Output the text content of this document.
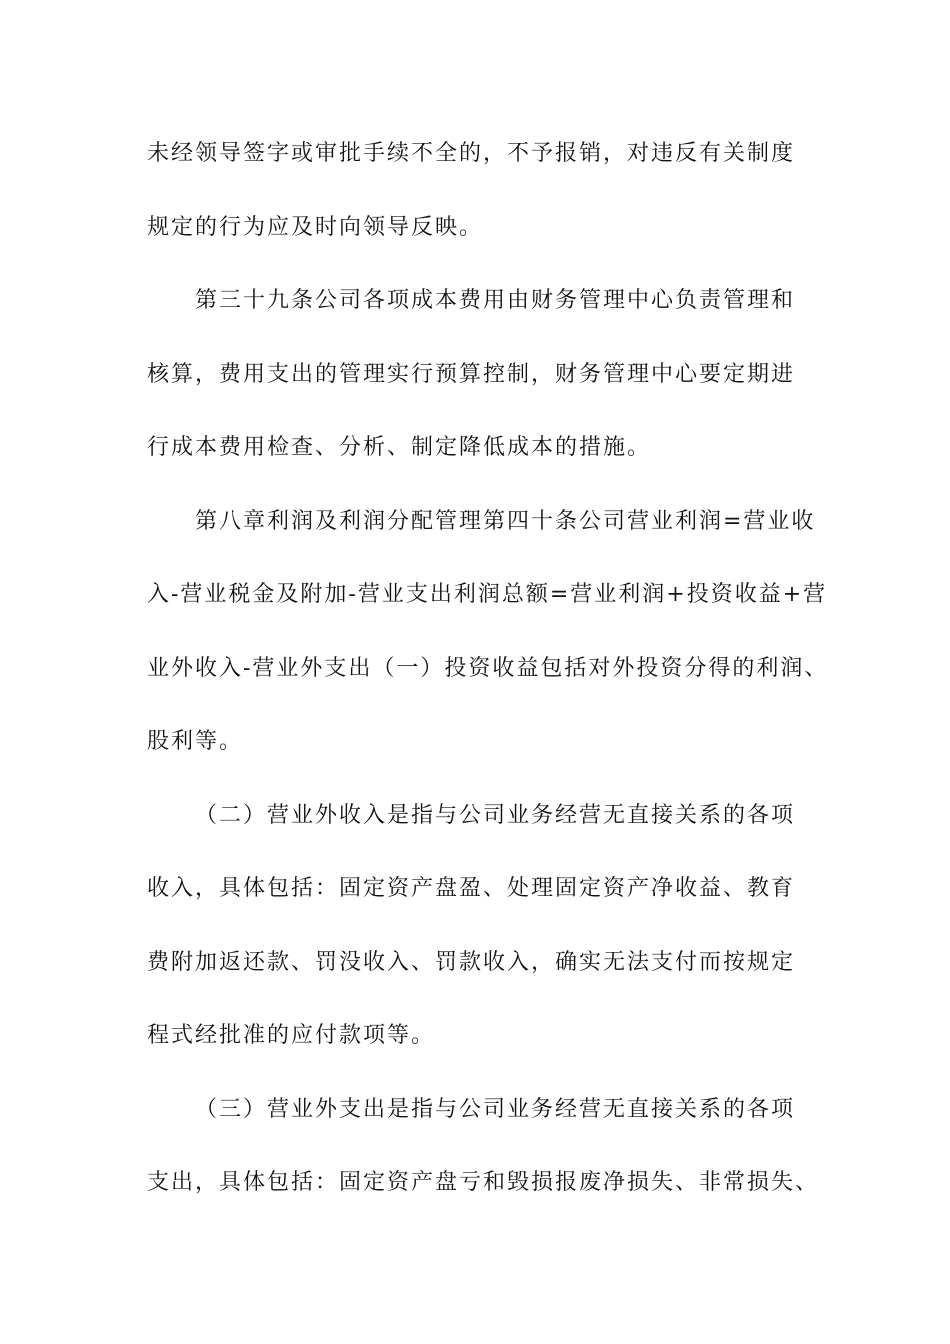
未经领导签字或审批手续不全的，不予报销，对违反有关制度
规定的行为应及时向领导反映。
第三十九条公司各项成本费用由财务管理中心负责管理和
核算，费用支出的管理实行预算控制，财务管理中心要定期进
行成本费用检查、分析、制定降低成本的措施。
第八章利润及利润分配管理第四十条公司营业利润=营业收
入-营业税金及附加-营业支出利润总额=营业利润+投资收益+营
业外收入-营业外支出（一）投资收益包括对外投资分得的利润、
股利等。
（二）营业外收入是指与公司业务经营无直接关系的各项
收入，具体包括：固定资产盘盈、处理固定资产净收益、教育
费附加返还款、罚没收入、罚款收入，确实无法支付而按规定
程式经批准的应付款项等。
（三）营业外支出是指与公司业务经营无直接关系的各项
支出，具体包括：固定资产盘亏和毁损报废净损失、非常损失、
